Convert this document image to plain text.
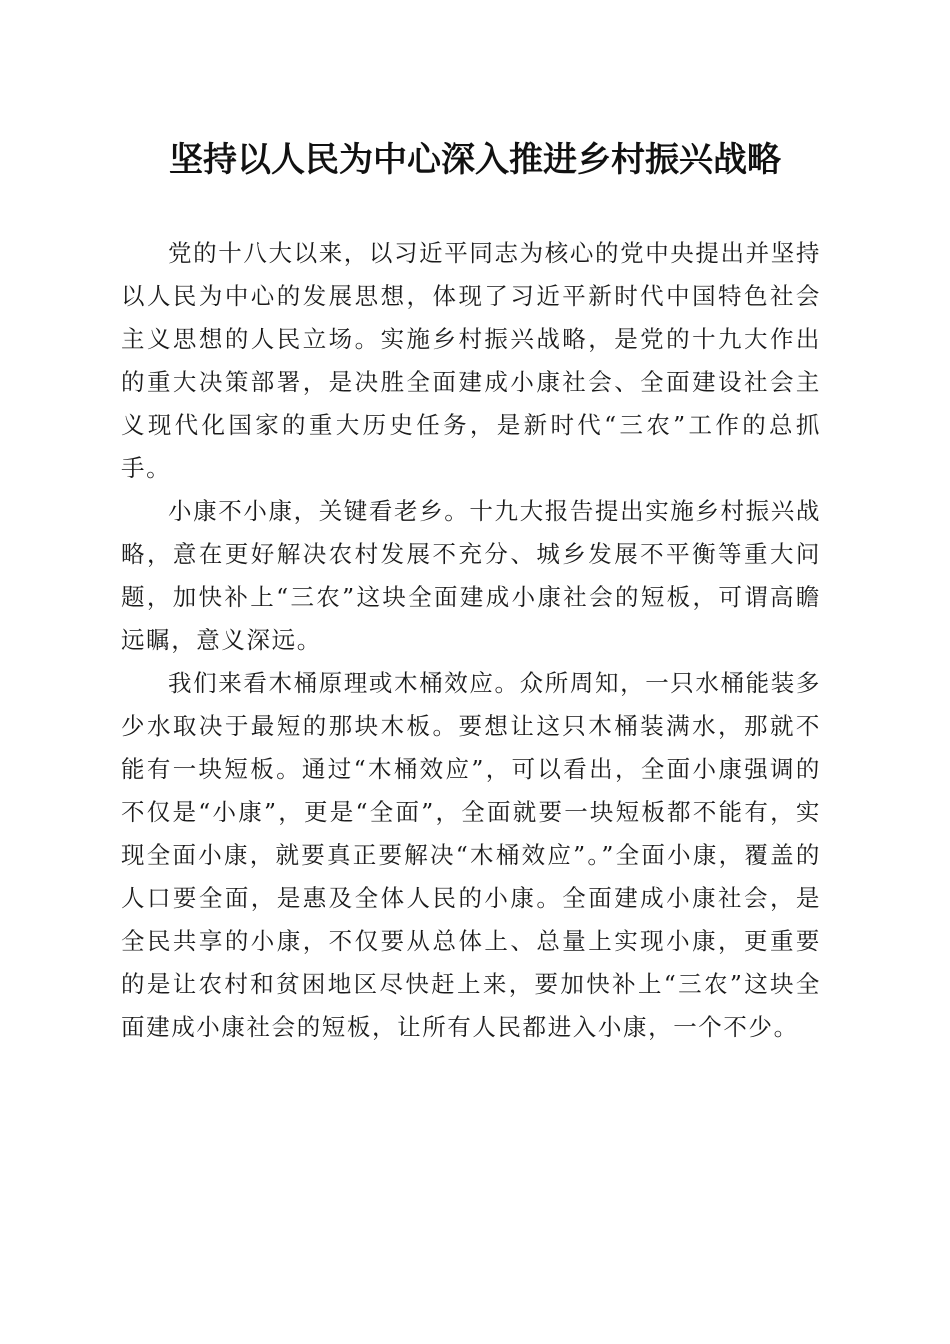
坚持以人民为中心深入推进乡村振兴战略

党的十八大以来，以习近平同志为核心的党中央提出并坚持以人民为中心的发展思想，体现了习近平新时代中国特色社会主义思想的人民立场。实施乡村振兴战略，是党的十九大作出的重大决策部署，是决胜全面建成小康社会、全面建设社会主义现代化国家的重大历史任务，是新时代“三农”工作的总抓手。

小康不小康，关键看老乡。十九大报告提出实施乡村振兴战略，意在更好解决农村发展不充分、城乡发展不平衡等重大问题，加快补上“三农”这块全面建成小康社会的短板，可谓高瞻远瞩，意义深远。

我们来看木桶原理或木桶效应。众所周知，一只水桶能装多少水取决于最短的那块木板。要想让这只木桶装满水，那就不能有一块短板。通过“木桶效应”，可以看出，全面小康强调的不仅是“小康”，更是“全面”，全面就要一块短板都不能有，实现全面小康，就要真正要解决“木桶效应”。”全面小康，覆盖的人口要全面，是惠及全体人民的小康。全面建成小康社会，是全民共享的小康，不仅要从总体上、总量上实现小康，更重要的是让农村和贫困地区尽快赶上来，要加快补上“三农”这块全面建成小康社会的短板，让所有人民都进入小康，一个不少。
